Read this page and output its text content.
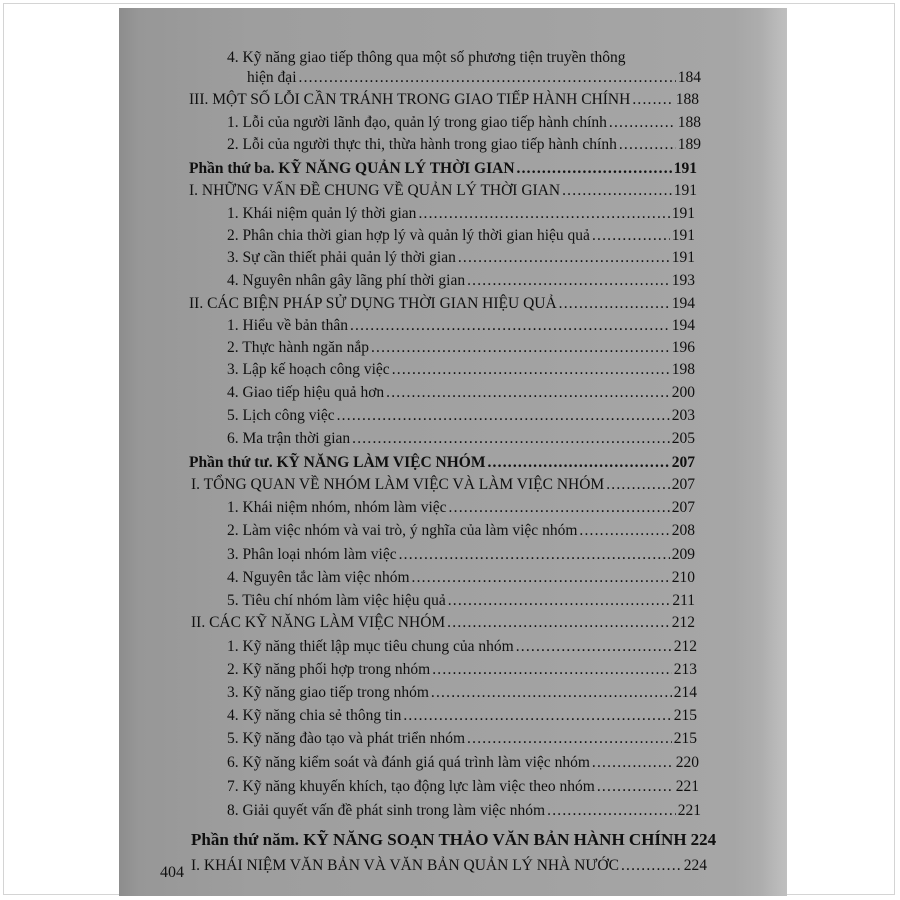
4. Kỹ năng giao tiếp thông qua một số phương tiện truyền thông
hiện đại .....	184
III. MỘT SỐ LỖI CẦN TRÁNH TRONG GIAO TIẾP HÀNH CHÍNH .....	188
1. Lỗi của người lãnh đạo, quản lý trong giao tiếp hành chính .....	188
2. Lỗi của người thực thi, thừa hành trong giao tiếp hành chính .....	189
Phần thứ ba. KỸ NĂNG QUẢN LÝ THỜI GIAN .....	191
I. NHỮNG VẤN ĐỀ CHUNG VỀ QUẢN LÝ THỜI GIAN .....	191
1. Khái niệm quản lý thời gian .....	191
2. Phân chia thời gian hợp lý và quản lý thời gian hiệu quả .....	191
3. Sự cần thiết phải quản lý thời gian .....	191
4. Nguyên nhân gây lãng phí thời gian .....	193
II. CÁC BIỆN PHÁP SỬ DỤNG THỜI GIAN HIỆU QUẢ .....	194
1. Hiểu về bản thân .....	194
2. Thực hành ngăn nắp .....	196
3. Lập kế hoạch công việc .....	198
4. Giao tiếp hiệu quả hơn .....	200
5. Lịch công việc .....	203
6. Ma trận thời gian .....	205
Phần thứ tư. KỸ NĂNG LÀM VIỆC NHÓM .....	207
I. TỔNG QUAN VỀ NHÓM LÀM VIỆC VÀ LÀM VIỆC NHÓM .....	207
1. Khái niệm nhóm, nhóm làm việc .....	207
2. Làm việc nhóm và vai trò, ý nghĩa của làm việc nhóm .....	208
3. Phân loại nhóm làm việc .....	209
4. Nguyên tắc làm việc nhóm .....	210
5. Tiêu chí nhóm làm việc hiệu quả .....	211
II. CÁC KỸ NĂNG LÀM VIỆC NHÓM .....	212
1. Kỹ năng thiết lập mục tiêu chung của nhóm .....	212
2. Kỹ năng phối hợp trong nhóm .....	213
3. Kỹ năng giao tiếp trong nhóm .....	214
4. Kỹ năng chia sẻ thông tin .....	215
5. Kỹ năng đào tạo và phát triển nhóm .....	215
6. Kỹ năng kiểm soát và đánh giá quá trình làm việc nhóm .....	220
7. Kỹ năng khuyến khích, tạo động lực làm việc theo nhóm .....	221
8. Giải quyết vấn đề phát sinh trong làm việc nhóm .....	221
Phần thứ năm. KỸ NĂNG SOẠN THẢO VĂN BẢN HÀNH CHÍNH 224
I. KHÁI NIỆM VĂN BẢN VÀ VĂN BẢN QUẢN LÝ NHÀ NƯỚC .....	224
404
